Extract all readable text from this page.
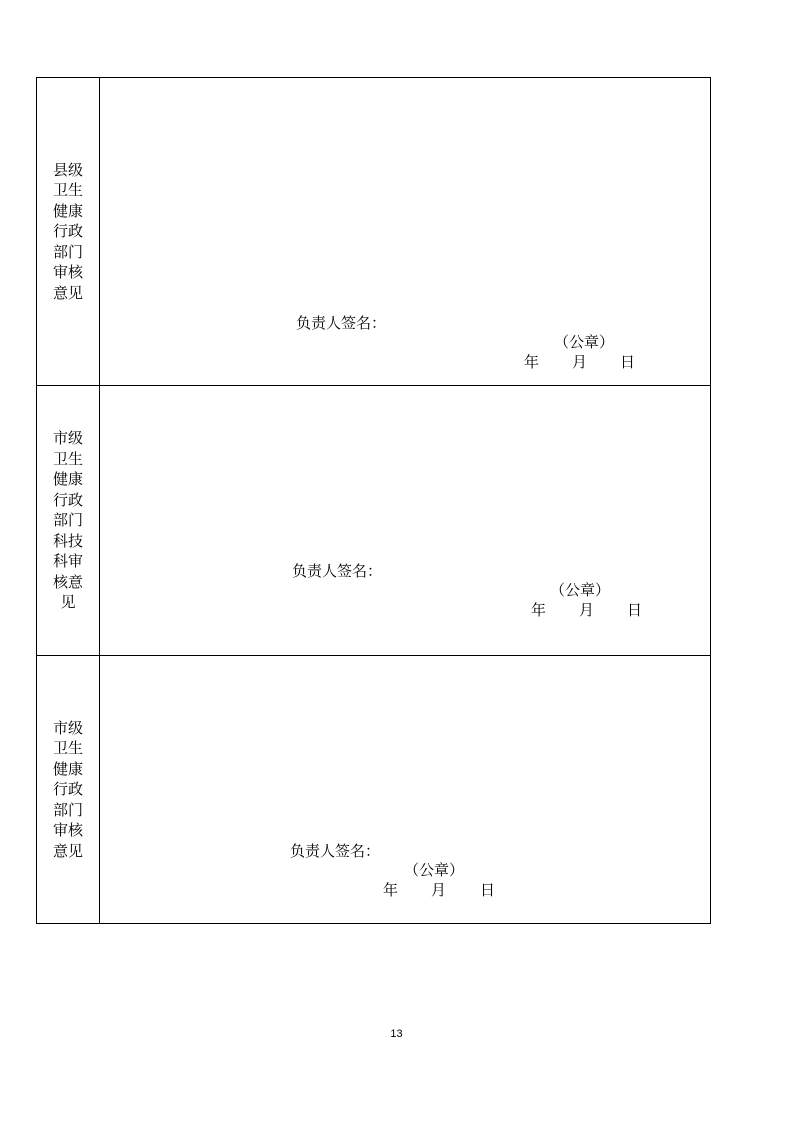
县级
卫生
健康
行政
部门
审核
意见
负责人签名：
（公章）
年 月 日
市级
卫生
健康
行政
部门
科技
科审
核意
见
负责人签名：
（公章）
年 月 日
市级
卫生
健康
行政
部门
审核
意见	负责人签名：
（公章）
年 月 日
13
